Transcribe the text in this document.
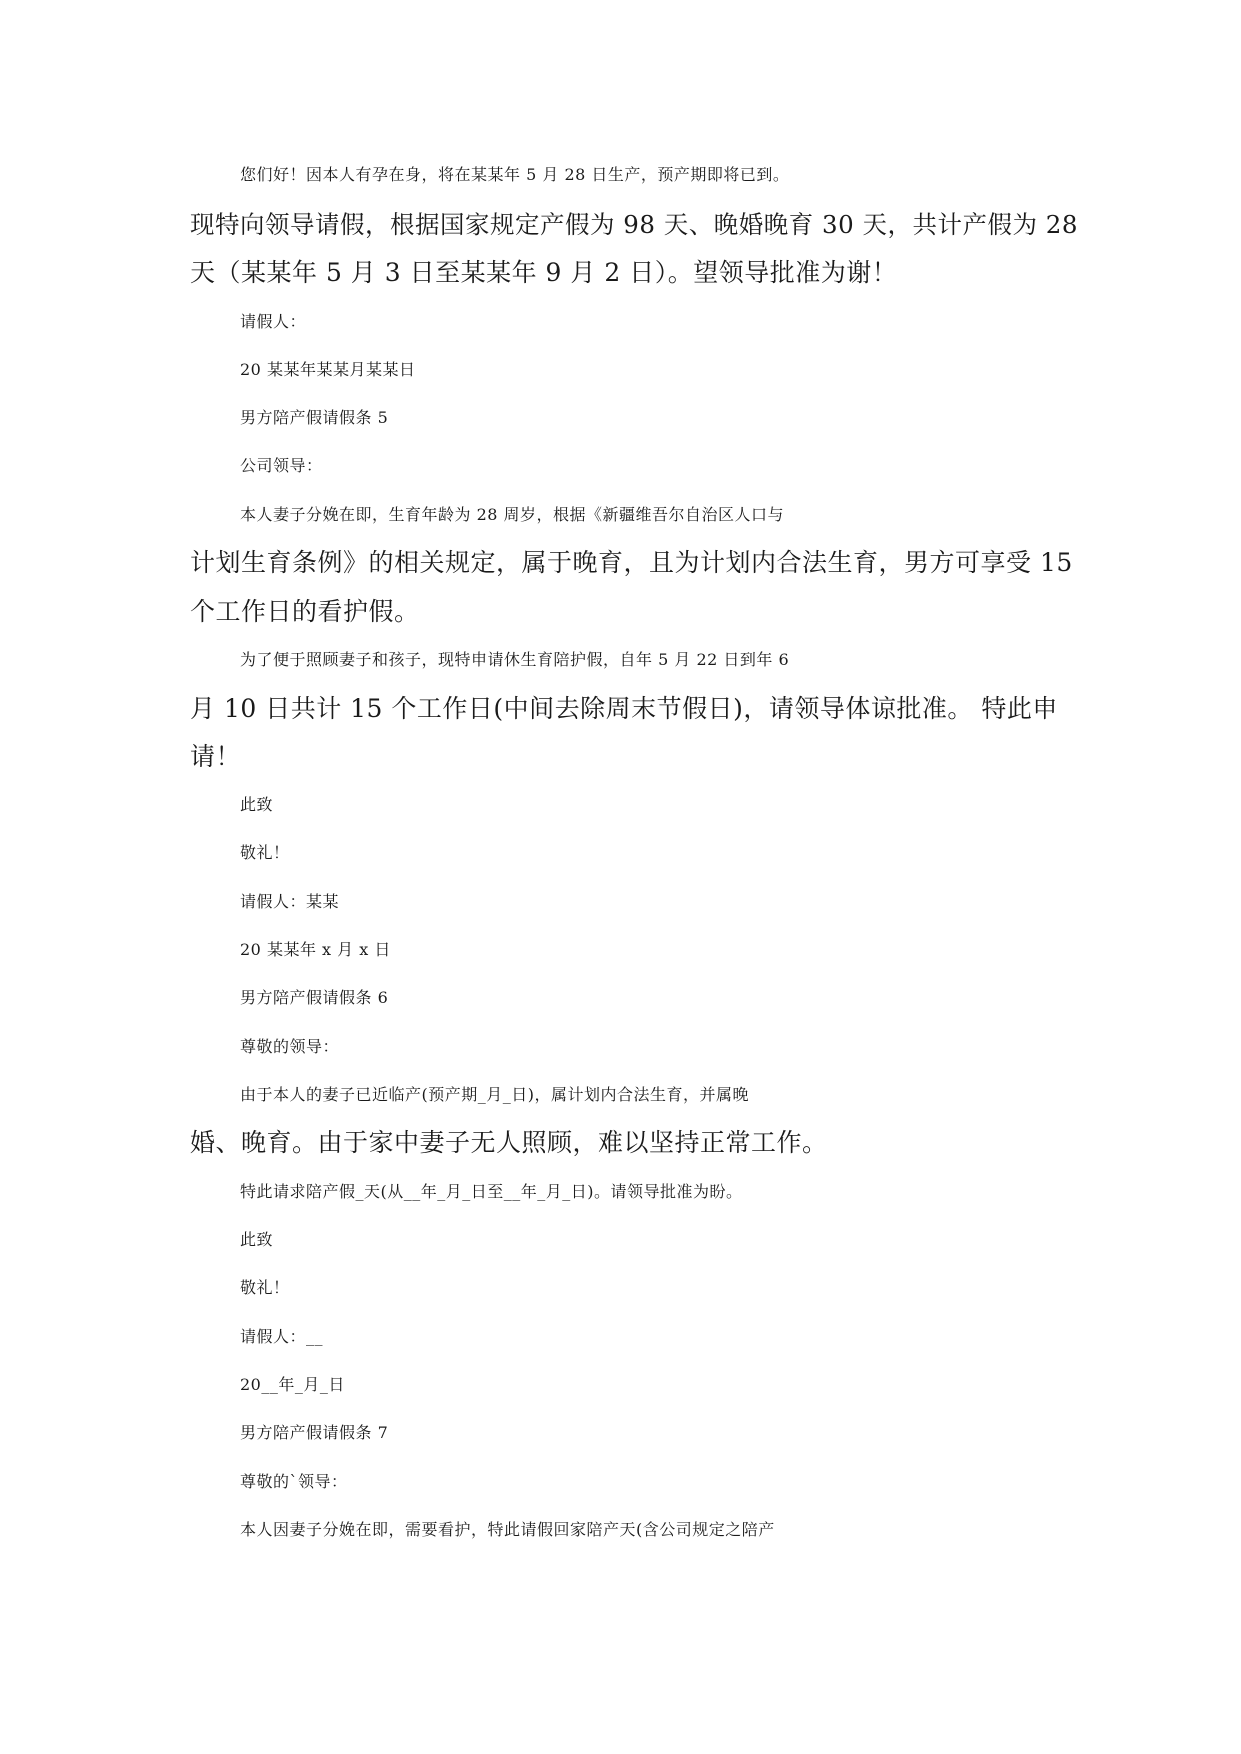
您们好！因本人有孕在身，将在某某年 5 月 28 日生产，预产期即将已到。
现特向领导请假，根据国家规定产假为 98 天、晚婚晚育 30 天，共计产假为 28
天（某某年 5 月 3 日至某某年 9 月 2 日）。望领导批准为谢！
请假人：
20 某某年某某月某某日
男方陪产假请假条 5
公司领导：
本人妻子分娩在即，生育年龄为 28 周岁，根据《新疆维吾尔自治区人口与
计划生育条例》的相关规定，属于晚育，且为计划内合法生育，男方可享受 15
个工作日的看护假。
为了便于照顾妻子和孩子，现特申请休生育陪护假，自年 5 月 22 日到年 6
月 10 日共计 15 个工作日(中间去除周末节假日)，请领导体谅批准。 特此申
请！
此致
敬礼！
请假人：某某
20 某某年 x 月 x 日
男方陪产假请假条 6
尊敬的领导：
由于本人的妻子已近临产(预产期_月_日)，属计划内合法生育，并属晚
婚、晚育。由于家中妻子无人照顾，难以坚持正常工作。
特此请求陪产假_天(从__年_月_日至__年_月_日)。请领导批准为盼。
此致
敬礼！
请假人：__
20__年_月_日
男方陪产假请假条 7
尊敬的`领导：
本人因妻子分娩在即，需要看护，特此请假回家陪产天(含公司规定之陪产
